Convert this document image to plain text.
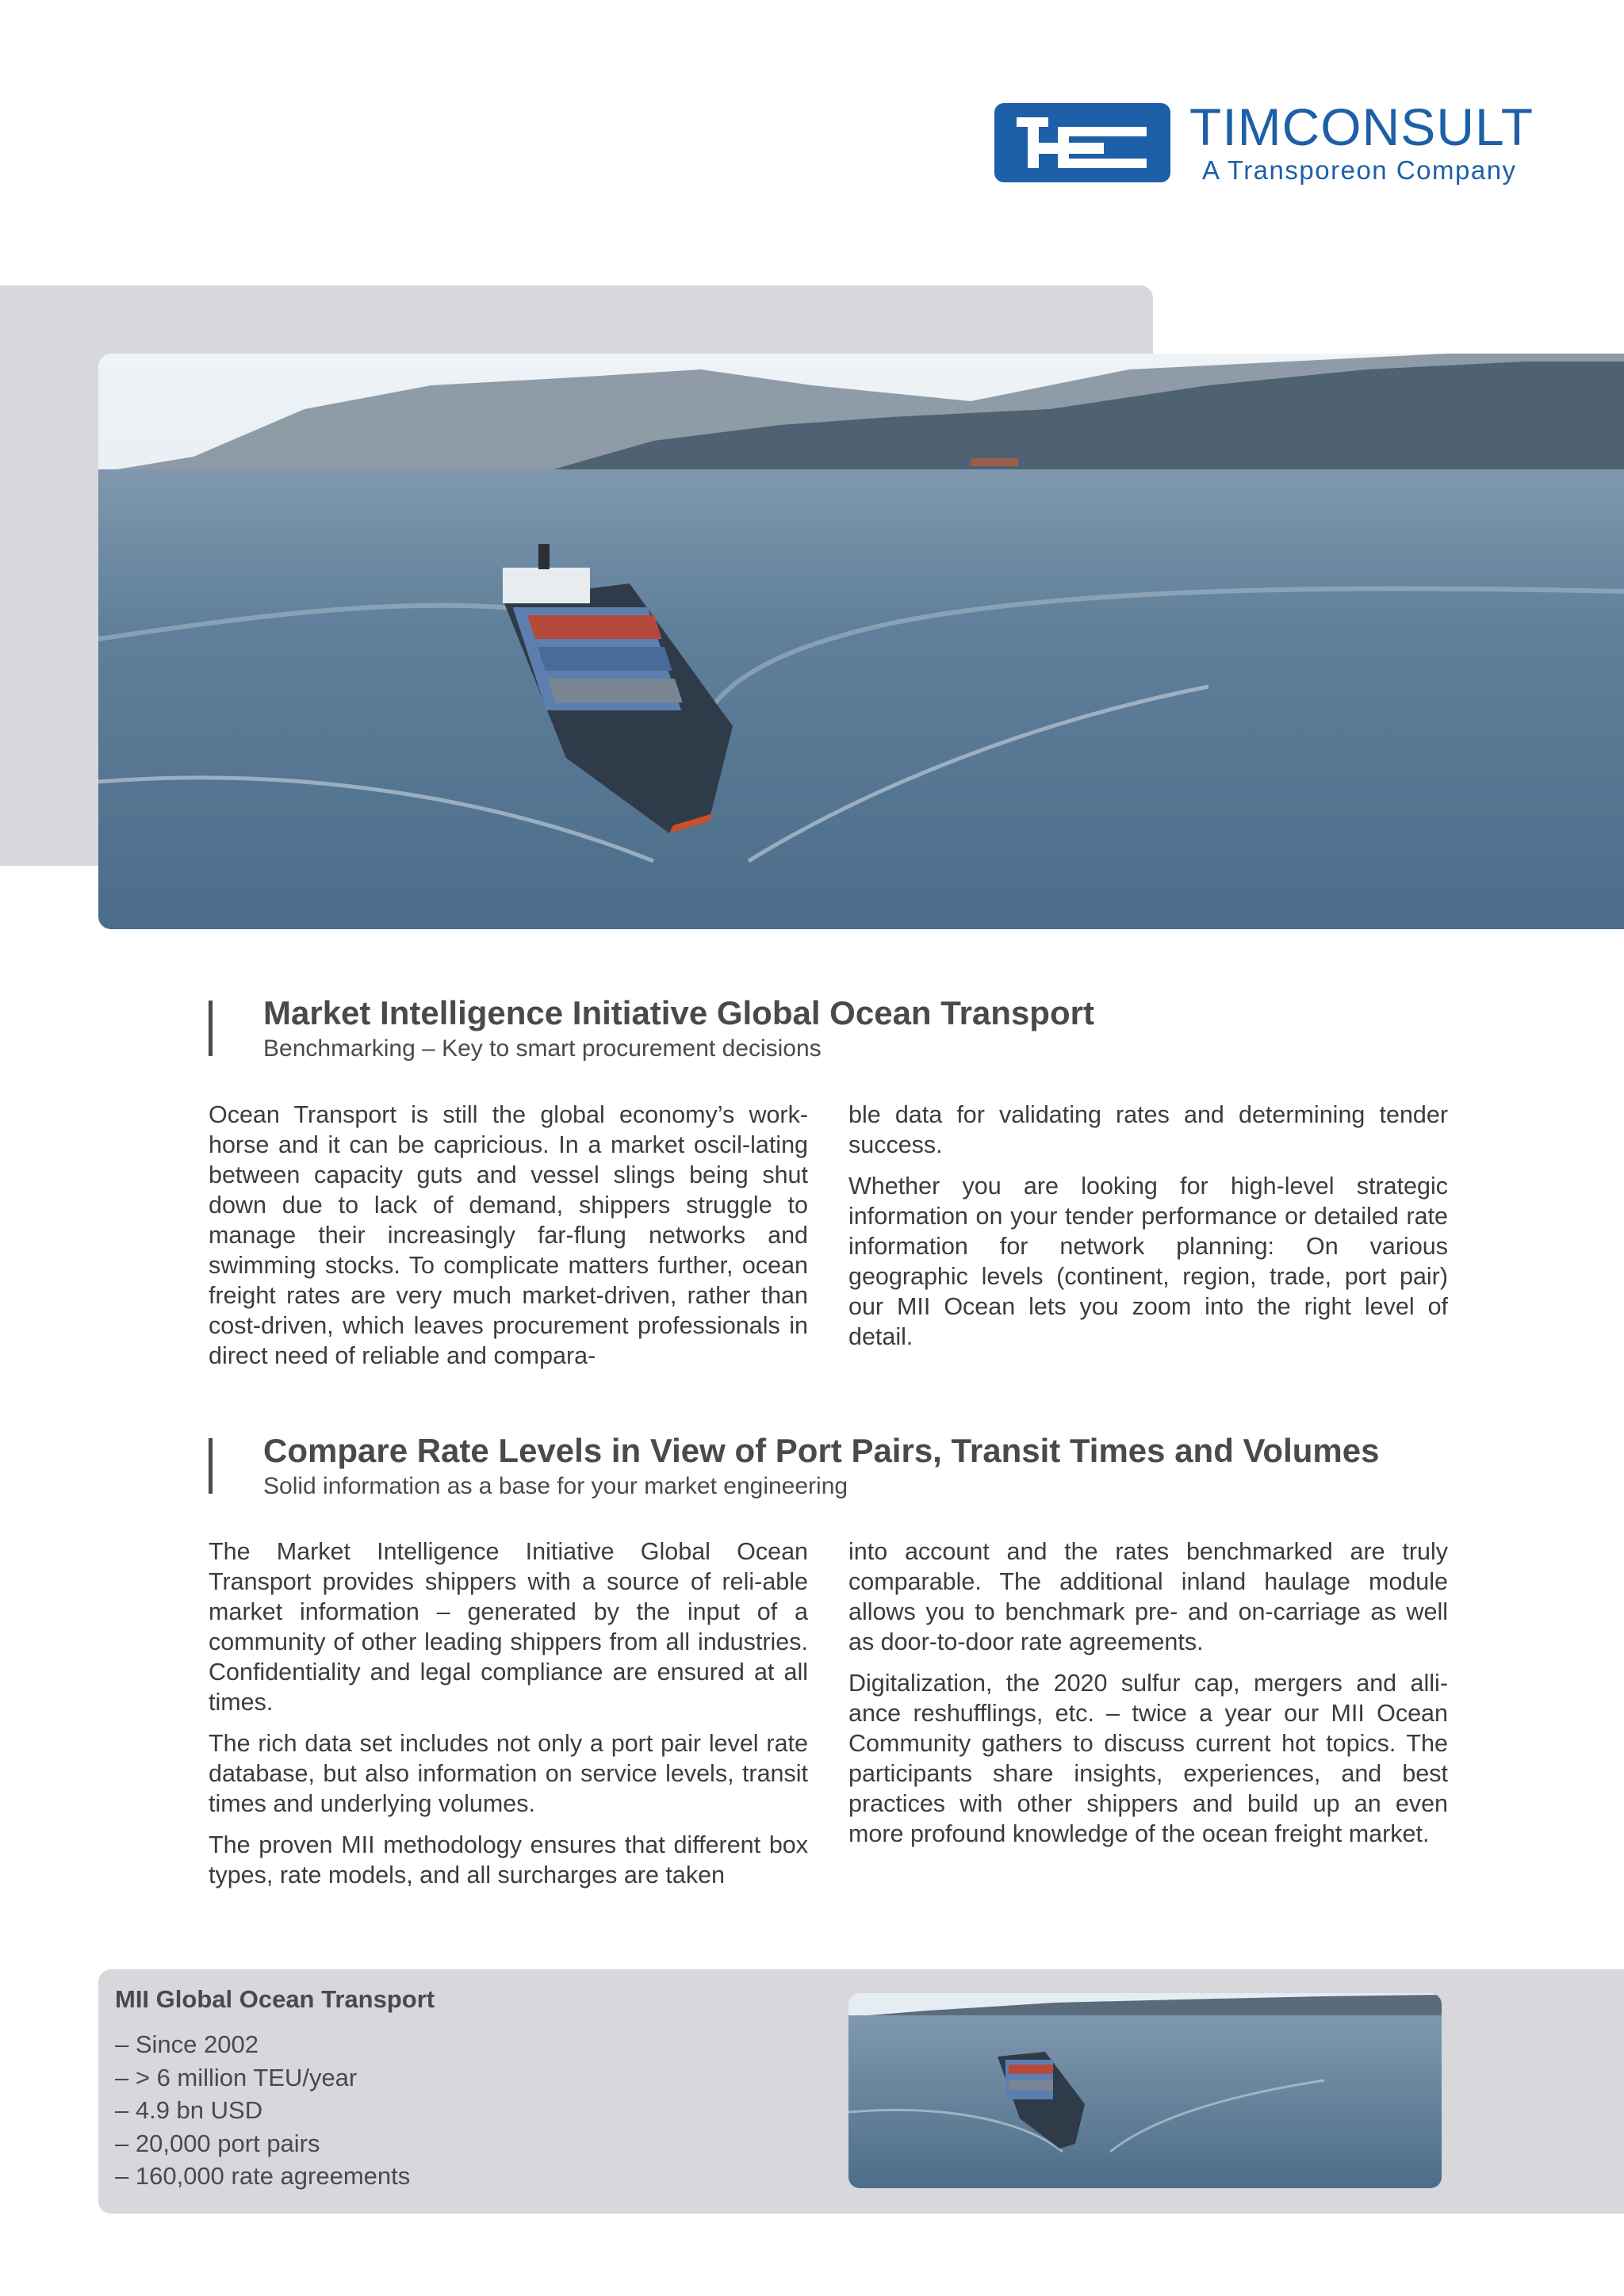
TIMCONSULT
A Transporeon Company
Market Intelligence Initiative Global Ocean Transport
Benchmarking – Key to smart procurement decisions

Ocean Transport is still the global economy’s work-horse and it can be capricious. In a market oscil-lating between capacity guts and vessel slings being shut down due to lack of demand, shippers struggle to manage their increasingly far-flung networks and swimming stocks. To complicate matters further, ocean freight rates are very much market-driven, rather than cost-driven, which leaves procurement professionals in direct need of reliable and compara-

ble data for validating rates and determining tender success.

Whether you are looking for high-level strategic information on your tender performance or detailed rate information for network planning: On various geographic levels (continent, region, trade, port pair) our MII Ocean lets you zoom into the right level of detail.

Compare Rate Levels in View of Port Pairs, Transit Times and Volumes
Solid information as a base for your market engineering

The Market Intelligence Initiative Global Ocean Transport provides shippers with a source of reli-able market information – generated by the input of a community of other leading shippers from all industries. Confidentiality and legal compliance are ensured at all times.

The rich data set includes not only a port pair level rate database, but also information on service levels, transit times and underlying volumes.

The proven MII methodology ensures that different box types, rate models, and all surcharges are taken

into account and the rates benchmarked are truly comparable. The additional inland haulage module allows you to benchmark pre- and on-carriage as well as door-to-door rate agreements.

Digitalization, the 2020 sulfur cap, mergers and alli-ance reshufflings, etc. – twice a year our MII Ocean Community gathers to discuss current hot topics. The participants share insights, experiences, and best practices with other shippers and build up an even more profound knowledge of the ocean freight market.

MII Global Ocean Transport
– Since 2002
– > 6 million TEU/year
– 4.9 bn USD
– 20,000 port pairs
– 160,000 rate agreements
